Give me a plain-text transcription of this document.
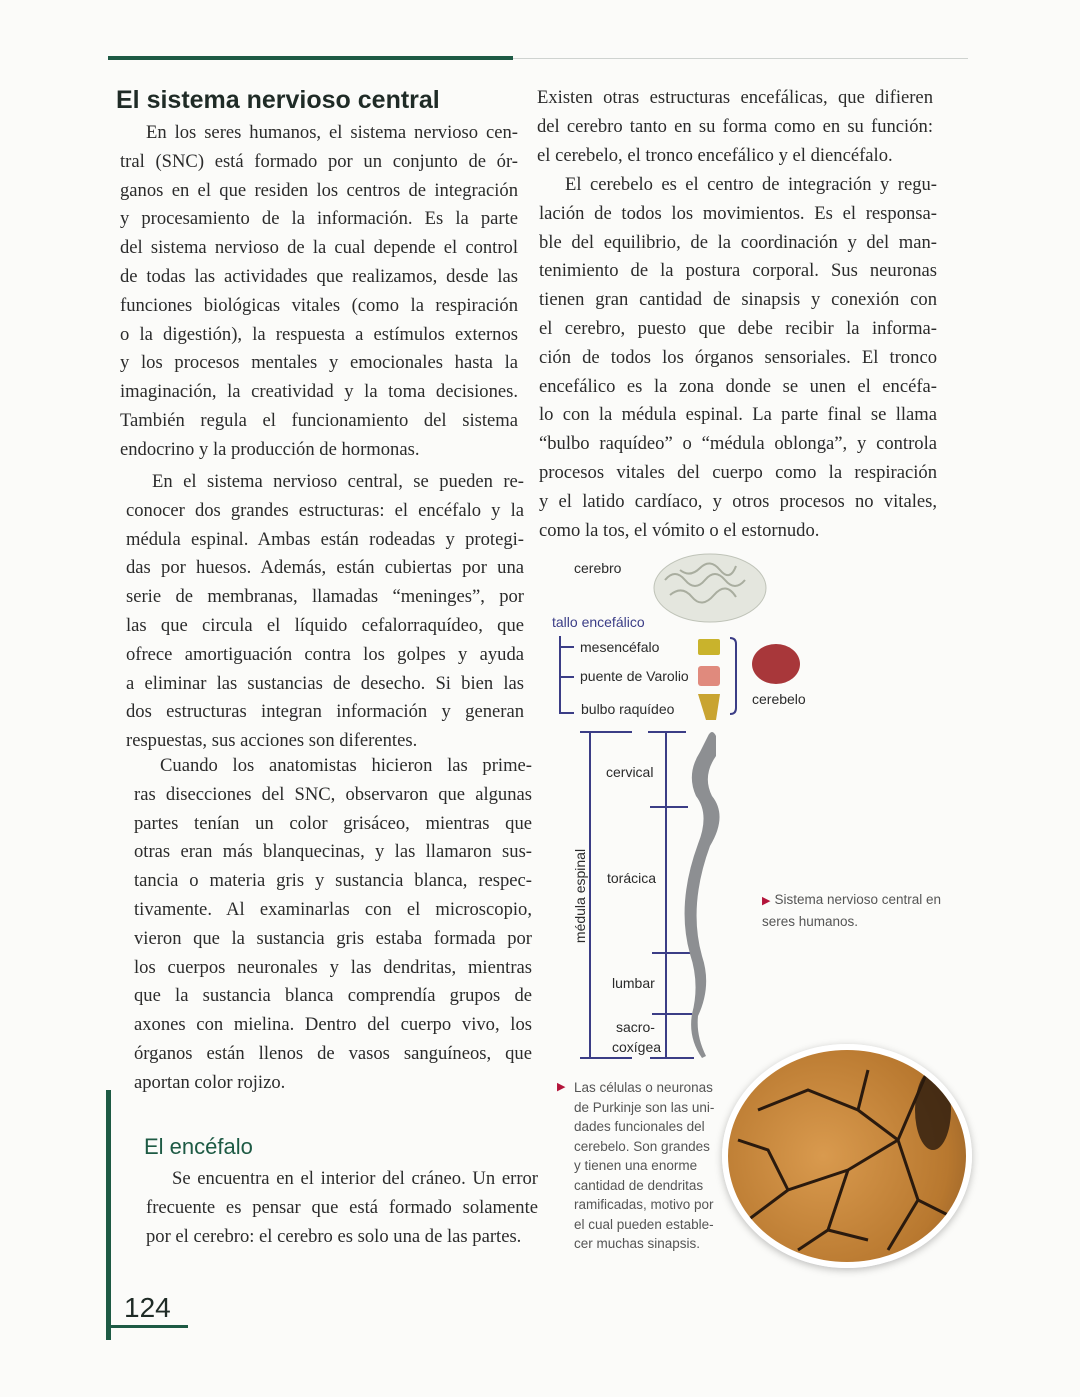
El sistema nervioso central
En los seres humanos, el sistema nervioso cen-
tral (SNC) está formado por un conjunto de ór-
ganos en el que residen los centros de integración
y procesamiento de la información. Es la parte
del sistema nervioso de la cual depende el control
de todas las actividades que realizamos, desde las
funciones biológicas vitales (como la respiración
o la digestión), la respuesta a estímulos externos
y los procesos mentales y emocionales hasta la
imaginación, la creatividad y la toma decisiones.
También regula el funcionamiento del sistema
endocrino y la producción de hormonas.
En el sistema nervioso central, se pueden re-
conocer dos grandes estructuras: el encéfalo y la
médula espinal. Ambas están rodeadas y protegi-
das por huesos. Además, están cubiertas por una
serie de membranas, llamadas “meninges”, por
las que circula el líquido cefalorraquídeo, que
ofrece amortiguación contra los golpes y ayuda
a eliminar las sustancias de desecho. Si bien las
dos estructuras integran información y generan
respuestas, sus acciones son diferentes.
Cuando los anatomistas hicieron las prime-
ras disecciones del SNC, observaron que algunas
partes tenían un color grisáceo, mientras que
otras eran más blanquecinas, y las llamaron sus-
tancia o materia gris y sustancia blanca, respec-
tivamente. Al examinarlas con el microscopio,
vieron que la sustancia gris estaba formada por
los cuerpos neuronales y las dendritas, mientras
que la sustancia blanca comprendía grupos de
axones con mielina. Dentro del cuerpo vivo, los
órganos están llenos de vasos sanguíneos, que
aportan color rojizo.
El encéfalo
Se encuentra en el interior del cráneo. Un error
frecuente es pensar que está formado solamente
por el cerebro: el cerebro es solo una de las partes.
Existen otras estructuras encefálicas, que difieren
del cerebro tanto en su forma como en su función:
el cerebelo, el tronco encefálico y el diencéfalo.
El cerebelo es el centro de integración y regu-
lación de todos los movimientos. Es el responsa-
ble del equilibrio, de la coordinación y del man-
tenimiento de la postura corporal. Sus neuronas
tienen gran cantidad de sinapsis y conexión con
el cerebro, puesto que debe recibir la informa-
ción de todos los órganos sensoriales. El tronco
encefálico es la zona donde se unen el encéfa-
lo con la médula espinal. La parte final se llama
“bulbo raquídeo” o “médula oblonga”, y controla
procesos vitales del cuerpo como la respiración
y el latido cardíaco, y otros procesos no vitales,
como la tos, el vómito o el estornudo.
cerebro
tallo encefálico
mesencéfalo
puente de Varolio
bulbo raquídeo
cerebelo
cervical
torácica
lumbar
sacro-
coxígea
médula espinal	▶ Sistema nervioso central en seres humanos.
Las células o neuronas
de Purkinje son las uni-
dades funcionales del
cerebelo. Son grandes
y tienen una enorme
cantidad de dendritas
ramificadas, motivo por
el cual pueden estable-
cer muchas sinapsis.
▶
124
